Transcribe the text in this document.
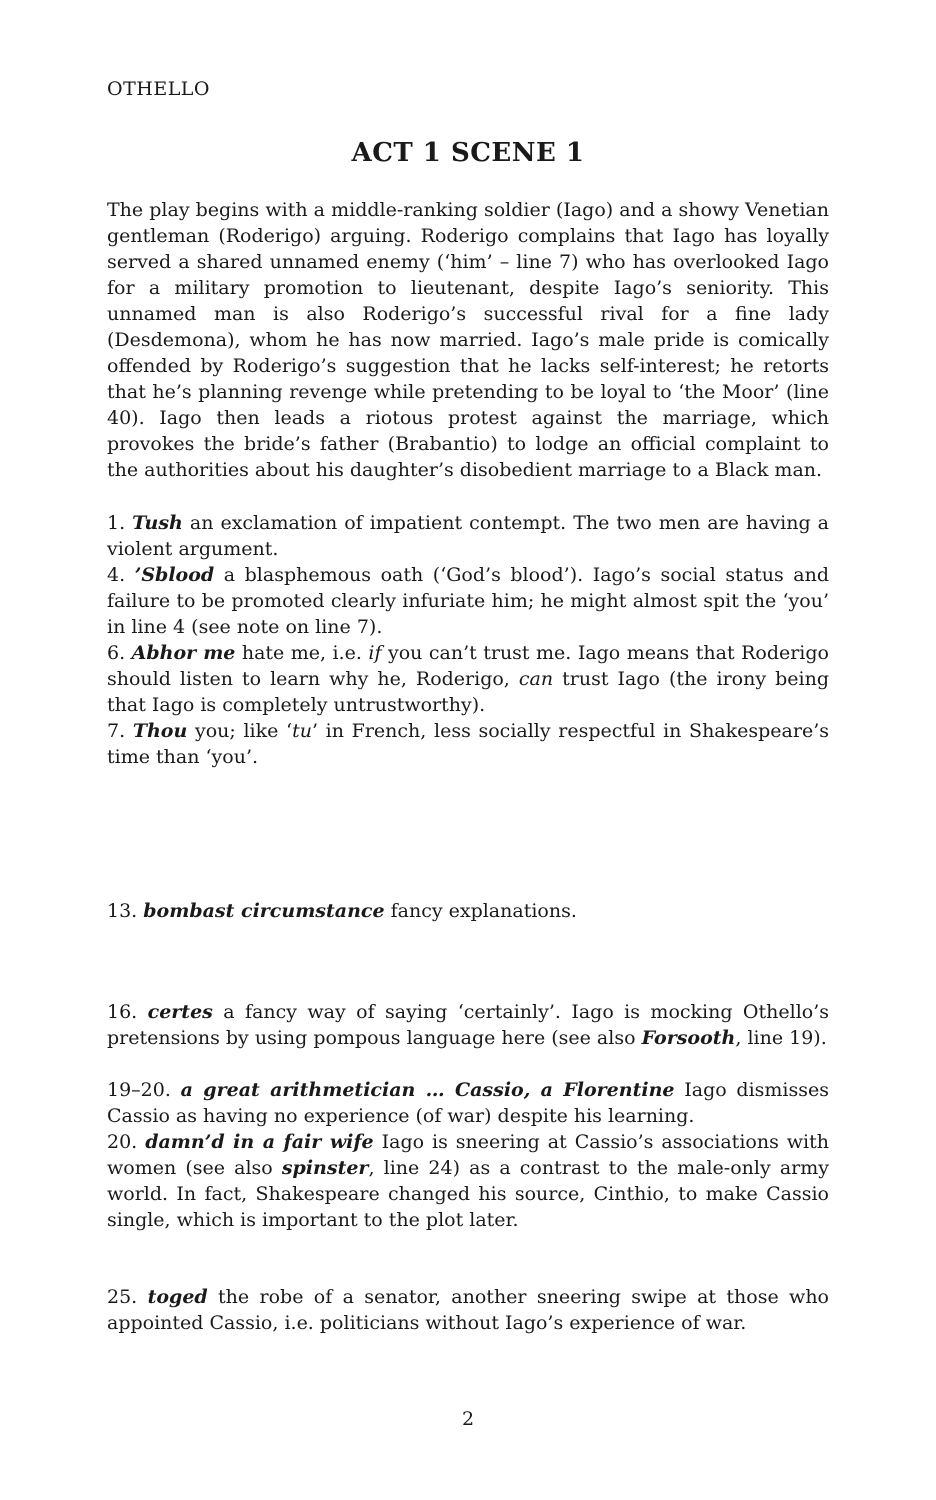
OTHELLO
ACT 1 SCENE 1

The play begins with a middle-ranking soldier (Iago) and a showy Venetian gentleman (Roderigo) arguing. Roderigo complains that Iago has loyally served a shared unnamed enemy (‘him’ – line 7) who has overlooked Iago for a military promotion to lieutenant, despite Iago’s seniority. This unnamed man is also Roderigo’s successful rival for a fine lady (Desdemona), whom he has now married. Iago’s male pride is comically offended by Roderigo’s suggestion that he lacks self-interest; he retorts that he’s planning revenge while pretending to be loyal to ‘the Moor’ (line 40). Iago then leads a riotous protest against the marriage, which provokes the bride’s father (Brabantio) to lodge an official complaint to the authorities about his daughter’s disobedient marriage to a Black man.

1. Tush an exclamation of impatient contempt. The two men are having a violent argument.
4. ’Sblood a blasphemous oath (‘God’s blood’). Iago’s social status and failure to be promoted clearly infuriate him; he might almost spit the ‘you’ in line 4 (see note on line 7).
6. Abhor me hate me, i.e. if you can’t trust me. Iago means that Roderigo should listen to learn why he, Roderigo, can trust Iago (the irony being that Iago is completely untrustworthy).
7. Thou you; like ‘tu’ in French, less socially respectful in Shakespeare’s time than ‘you’.
13. bombast circumstance fancy explanations.
16. certes a fancy way of saying ‘certainly’. Iago is mocking Othello’s pretensions by using pompous language here (see also Forsooth, line 19).
19–20. a great arithmetician … Cassio, a Florentine Iago dismisses Cassio as having no experience (of war) despite his learning.
20. damn’d in a fair wife Iago is sneering at Cassio’s associations with women (see also spinster, line 24) as a contrast to the male-only army world. In fact, Shakespeare changed his source, Cinthio, to make Cassio single, which is important to the plot later.
25. toged the robe of a senator, another sneering swipe at those who appointed Cassio, i.e. politicians without Iago’s experience of war.
2
